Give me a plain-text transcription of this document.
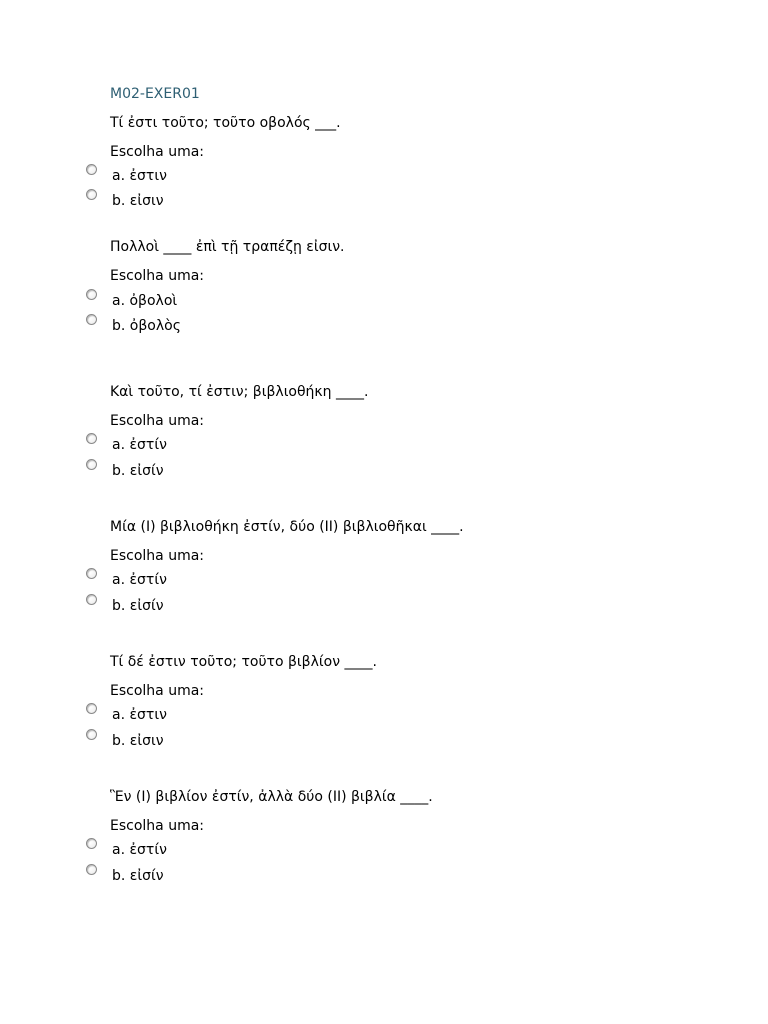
M02-EXER01
Τί ἐστι τοῦτο; τοῦτο οβολός ___.
Escolha uma:
a. ἐστιν
b. εἰσιν
Πολλοὶ ____ ἐπὶ τῇ τραπέζῃ εἰσιν.
Escolha uma:
a. ὀβολοὶ
b. ὀβολὸς
Καὶ τοῦτο, τί ἐστιν; βιβλιοθήκη ____.
Escolha uma:
a. ἐστίν
b. εἰσίν
Μία (I) βιβλιοθήκη ἐστίν, δύο (II) βιβλιοθῆκαι ____.
Escolha uma:
a. ἐστίν
b. εἰσίν
Τί δέ ἐστιν τοῦτο; τοῦτο βιβλίον ____.
Escolha uma:
a. ἐστιν
b. εἰσιν
Ἓν (I) βιβλίον ἐστίν, ἀλλὰ δύο (II) βιβλία ____.
Escolha uma:
a. ἐστίν
b. εἰσίν
